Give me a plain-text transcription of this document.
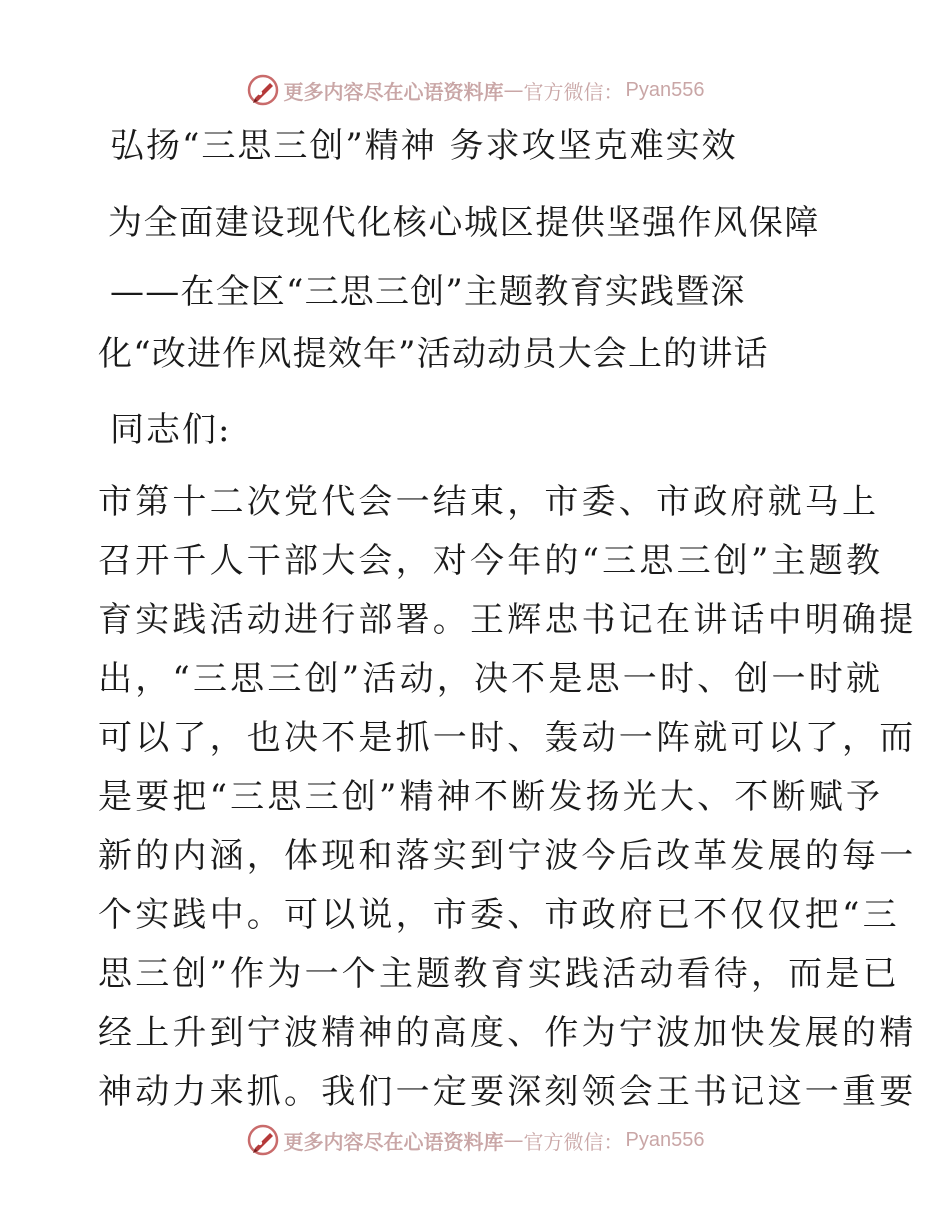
更多内容尽在心语资料库 — 官方微信： Pyan556
弘扬“三思三创”精神 务求攻坚克难实效
为全面建设现代化核心城区提供坚强作风保障
——在全区“三思三创”主题教育实践暨深
化“改进作风提效年”活动动员大会上的讲话
同志们:
市第十二次党代会一结束，市委、市政府就马上
召开千人干部大会，对今年的“三思三创”主题教
育实践活动进行部署。王辉忠书记在讲话中明确提
出，“三思三创”活动，决不是思一时、创一时就
可以了，也决不是抓一时、轰动一阵就可以了，而
是要把“三思三创”精神不断发扬光大、不断赋予
新的内涵，体现和落实到宁波今后改革发展的每一
个实践中。可以说，市委、市政府已不仅仅把“三
思三创”作为一个主题教育实践活动看待，而是已
经上升到宁波精神的高度、作为宁波加快发展的精
神动力来抓。我们一定要深刻领会王书记这一重要
更多内容尽在心语资料库 — 官方微信： Pyan556
